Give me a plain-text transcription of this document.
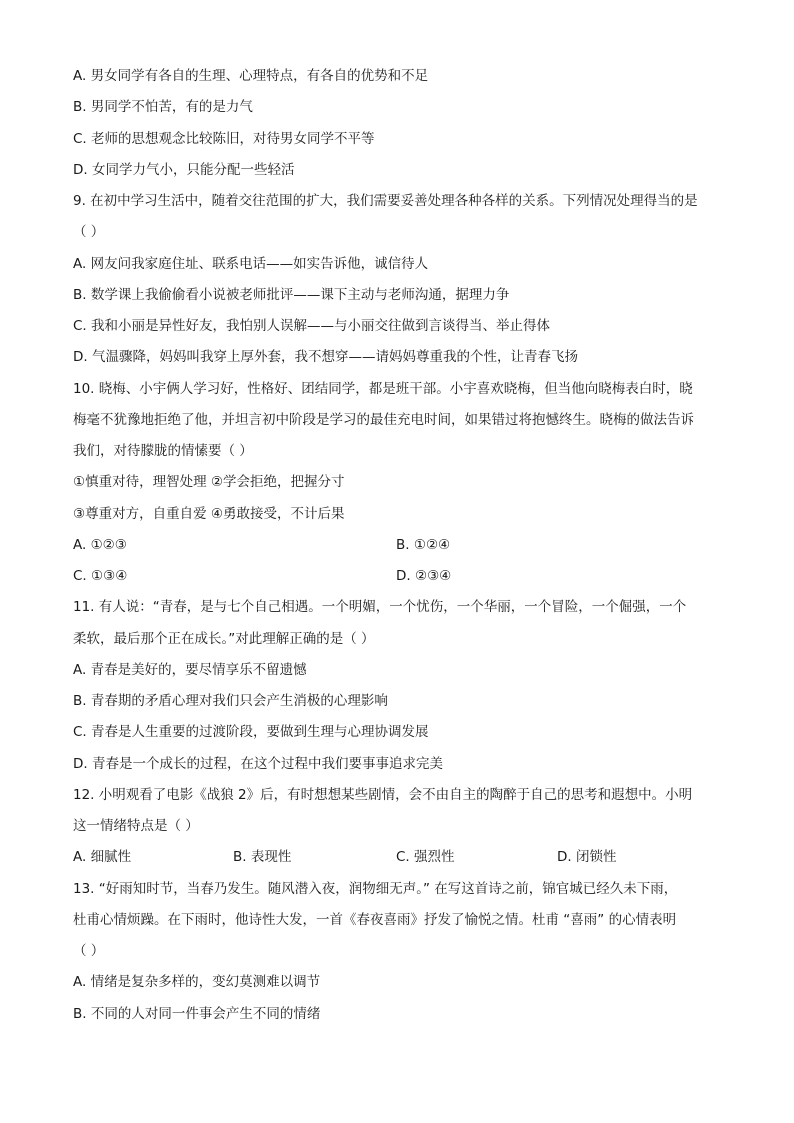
A. 男女同学有各自的生理、心理特点，有各自的优势和不足
B. 男同学不怕苦，有的是力气
C. 老师的思想观念比较陈旧，对待男女同学不平等
D. 女同学力气小，只能分配一些轻活
9. 在初中学习生活中，随着交往范围的扩大，我们需要妥善处理各种各样的关系。下列情况处理得当的是
（ ）
A. 网友问我家庭住址、联系电话——如实告诉他，诚信待人
B. 数学课上我偷偷看小说被老师批评——课下主动与老师沟通，据理力争
C. 我和小丽是异性好友，我怕别人误解——与小丽交往做到言谈得当、举止得体
D. 气温骤降，妈妈叫我穿上厚外套，我不想穿——请妈妈尊重我的个性，让青春飞扬
10. 晓梅、小宇俩人学习好，性格好、团结同学，都是班干部。小宇喜欢晓梅，但当他向晓梅表白时，晓
梅毫不犹豫地拒绝了他，并坦言初中阶段是学习的最佳充电时间，如果错过将抱憾终生。晓梅的做法告诉
我们，对待朦胧的情愫要（ ）
①慎重对待，理智处理 ②学会拒绝，把握分寸
③尊重对方，自重自爱 ④勇敢接受，不计后果
A. ①②③	B. ①②④
C. ①③④	D. ②③④
11. 有人说：“青春，是与七个自己相遇。一个明媚，一个忧伤，一个华丽，一个冒险，一个倔强，一个
柔软，最后那个正在成长。”对此理解正确的是（ ）
A. 青春是美好的，要尽情享乐不留遗憾
B. 青春期的矛盾心理对我们只会产生消极的心理影响
C. 青春是人生重要的过渡阶段，要做到生理与心理协调发展
D. 青春是一个成长的过程，在这个过程中我们要事事追求完美
12. 小明观看了电影《战狼 2》后，有时想想某些剧情，会不由自主的陶醉于自己的思考和遐想中。小明
这一情绪特点是（ ）
A. 细腻性	B. 表现性	C. 强烈性	D. 闭锁性
13. “好雨知时节，当春乃发生。随风潜入夜，润物细无声。” 在写这首诗之前，锦官城已经久未下雨，
杜甫心情烦躁。在下雨时，他诗性大发，一首《春夜喜雨》抒发了愉悦之情。杜甫 “喜雨” 的心情表明
（ ）
A. 情绪是复杂多样的，变幻莫测难以调节
B. 不同的人对同一件事会产生不同的情绪
